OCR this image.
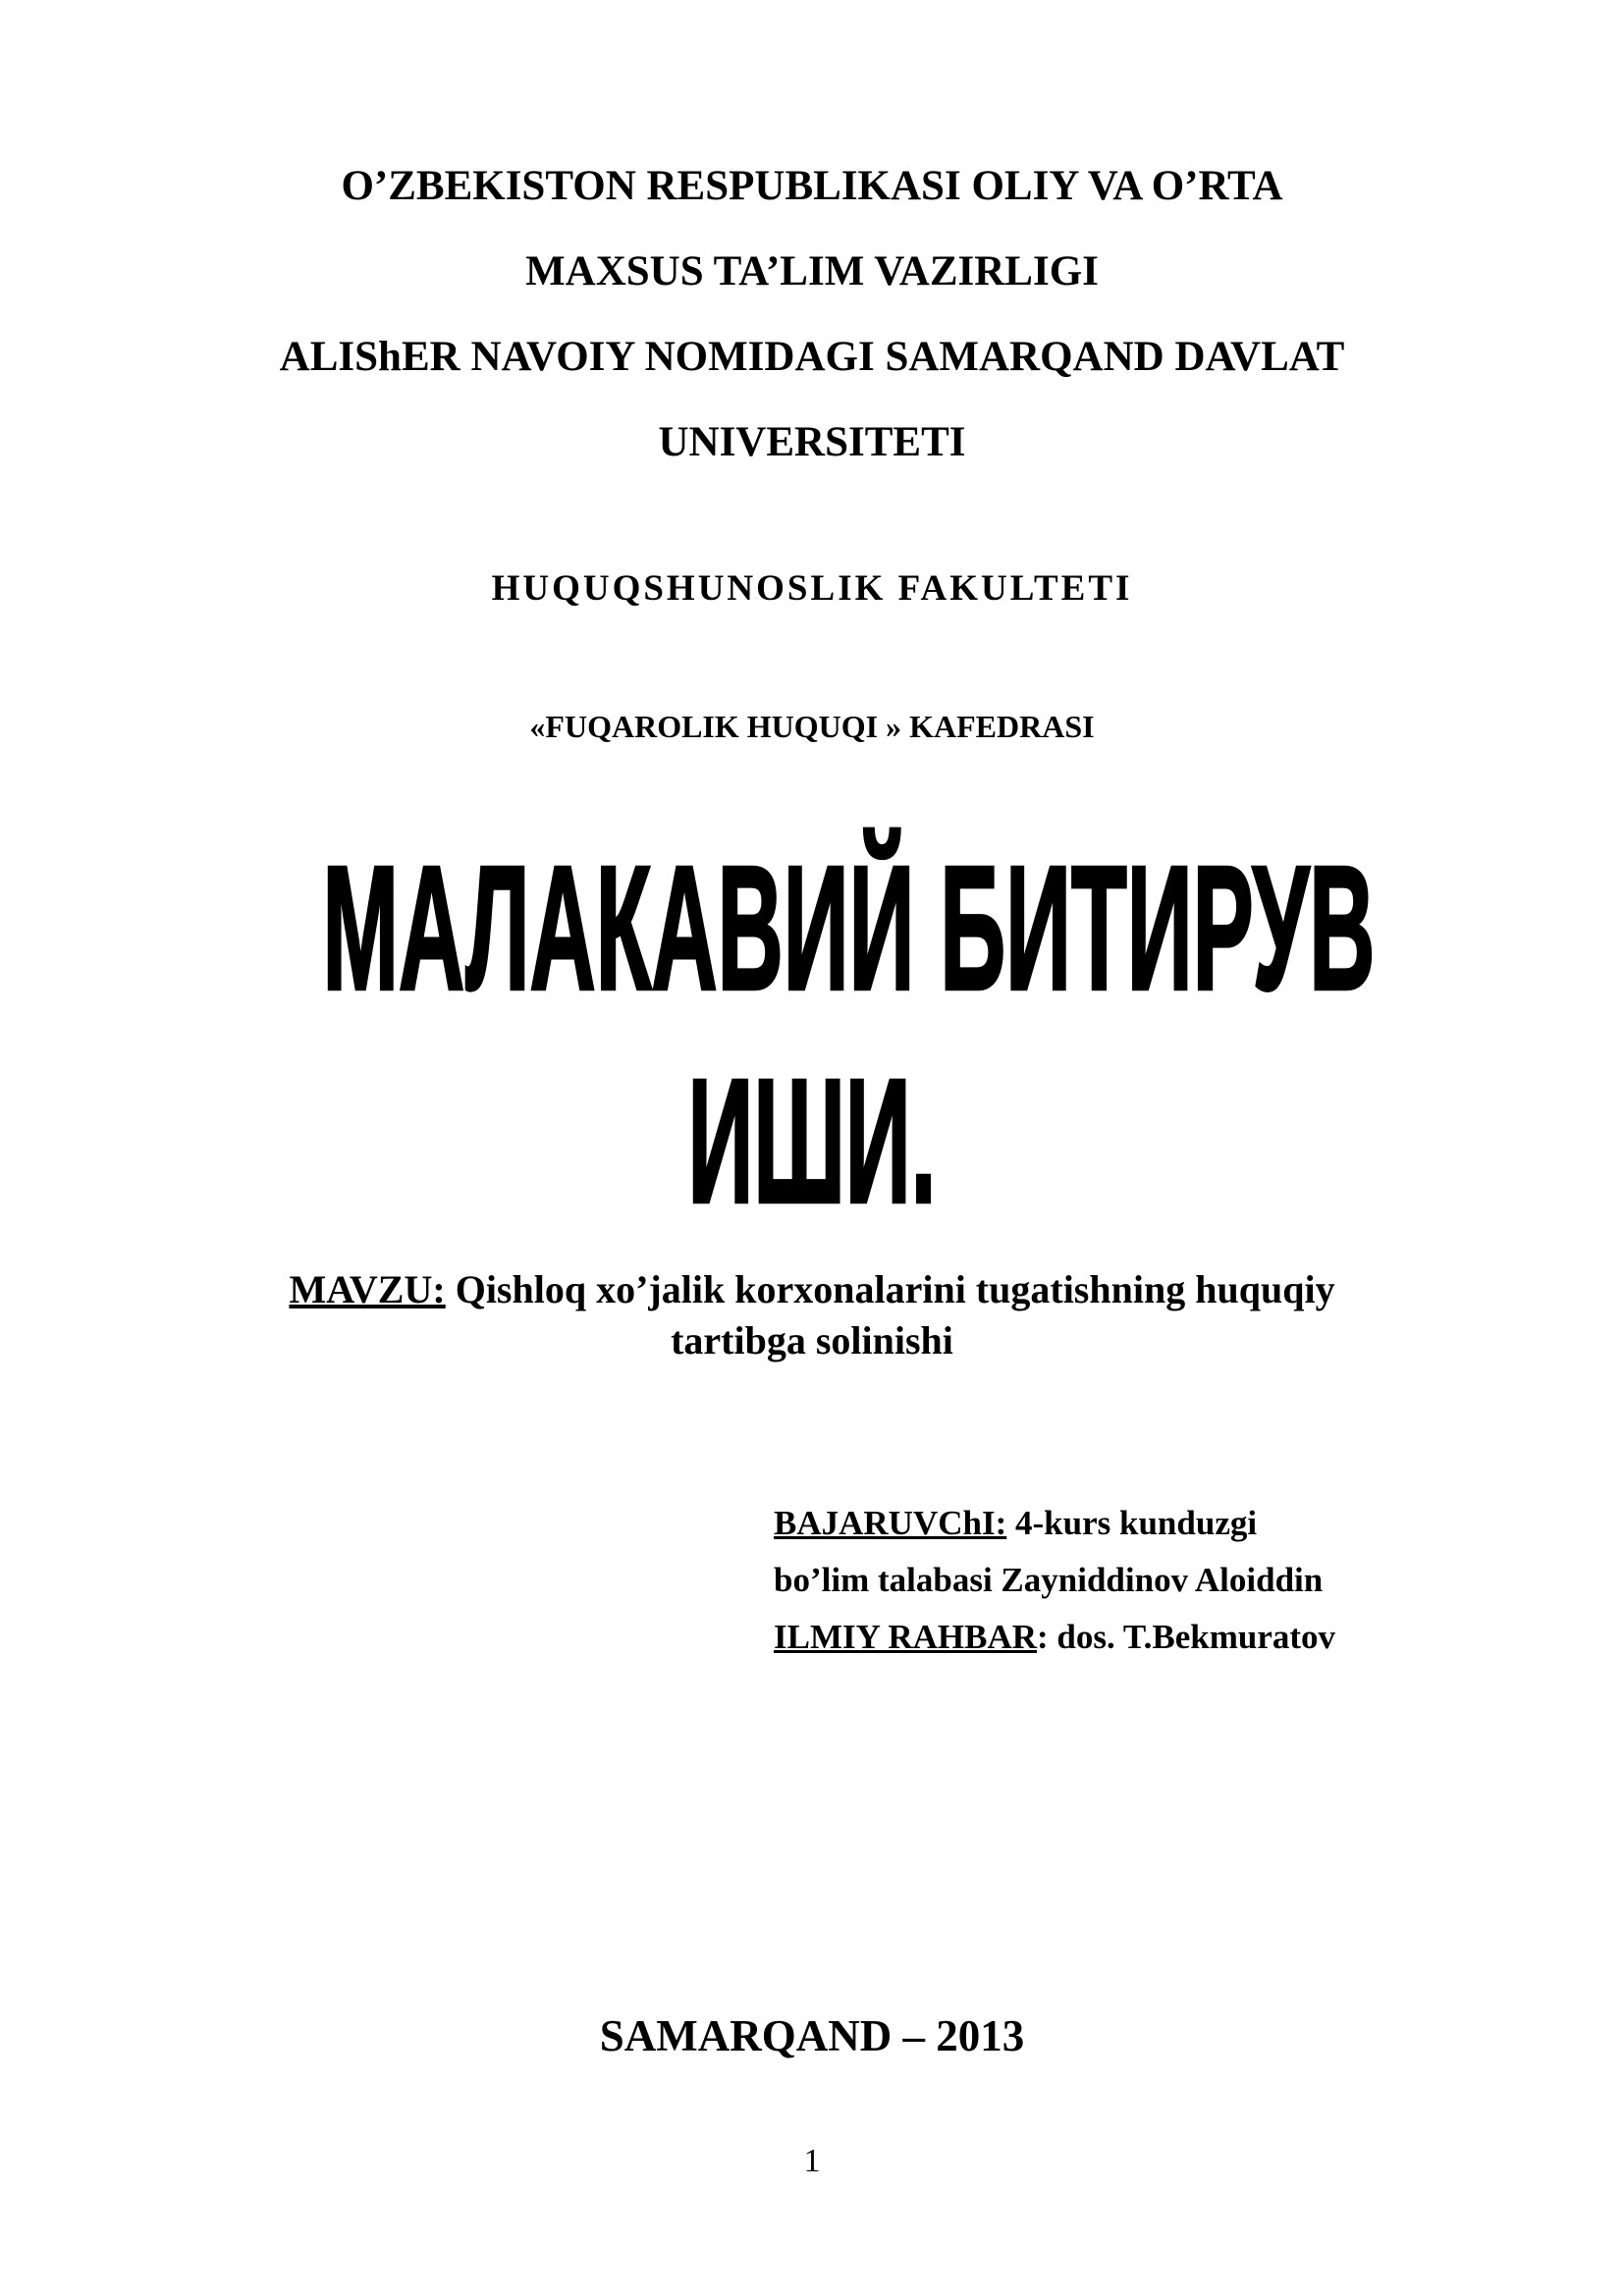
O’ZBEKISTON RESPUBLIKASI OLIY VA O’RTA
MAXSUS TA’LIM VAZIRLIGI
ALIShER NAVOIY NOMIDAGI SAMARQAND DAVLAT
UNIVERSITETI
HUQUQSHUNOSLIK FAKULTETI
«FUQAROLIK HUQUQI » KAFEDRASI
МАЛАКАВИЙ БИТИРУВ
ИШИ.
MAVZU: Qishloq xo’jalik korxonalarini tugatishning huquqiy
tartibga solinishi
BAJARUVChI: 4-kurs kunduzgi
bo’lim talabasi Zayniddinov Aloiddin
ILMIY RAHBAR: dos. T.Bekmuratov
SAMARQAND – 2013
1
